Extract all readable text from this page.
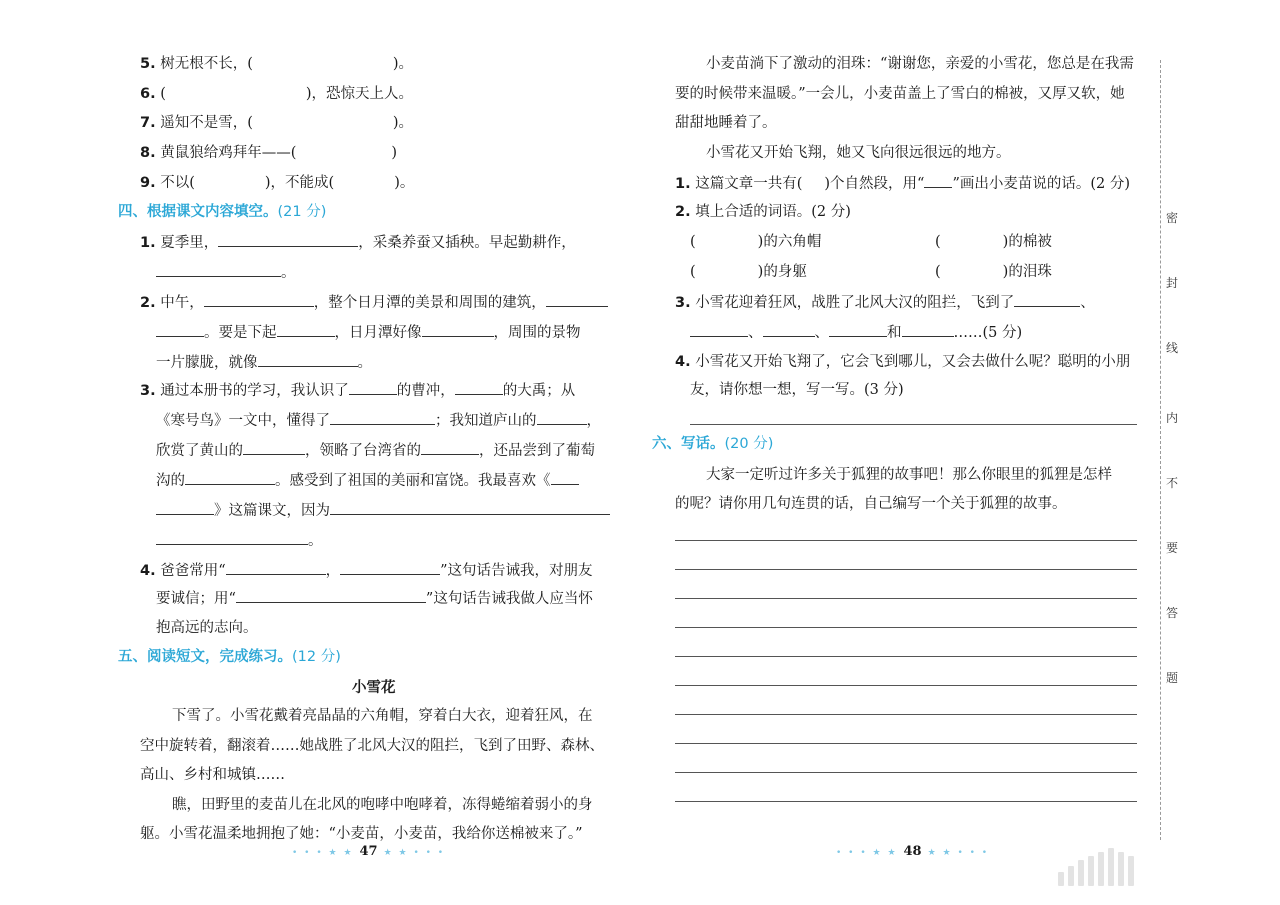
5. 树无根不长，(	)。
6. (	)，恐惊天上人。
7. 遥知不是雪，(	)。
8. 黄鼠狼给鸡拜年——(	)
9. 不以(	)，不能成(	)。
四、根据课文内容填空。(21 分)
1. 夏季里，	，采桑养蚕又插秧。早起勤耕作，
。
2. 中午，	，整个日月潭的美景和周围的建筑，
。要是下起	，日月潭好像	，周围的景物
一片朦胧，就像	。
3. 通过本册书的学习，我认识了	的曹冲，	的大禹；从
《寒号鸟》一文中，懂得了	；我知道庐山的	，
欣赏了黄山的	，领略了台湾省的	，还品尝到了葡萄
沟的	。感受到了祖国的美丽和富饶。我最喜欢《
》这篇课文，因为
。
4. 爸爸常用“	，	”这句话告诫我，对朋友
要诚信；用“	”这句话告诫我做人应当怀
抱高远的志向。
五、阅读短文，完成练习。(12 分)
小雪花
下雪了。小雪花戴着亮晶晶的六角帽，穿着白大衣，迎着狂风，在
空中旋转着，翻滚着……她战胜了北风大汉的阻拦，飞到了田野、森林、
高山、乡村和城镇……
瞧，田野里的麦苗儿在北风的咆哮中咆哮着，冻得蜷缩着弱小的身
躯。小雪花温柔地拥抱了她：“小麦苗，小麦苗，我给你送棉被来了。”
• • • ★ ★ 47 ★ ★ • • •
小麦苗淌下了激动的泪珠：“谢谢您，亲爱的小雪花，您总是在我需
要的时候带来温暖。”一会儿，小麦苗盖上了雪白的棉被，又厚又软，她
甜甜地睡着了。
小雪花又开始飞翔，她又飞向很远很远的地方。
1. 这篇文章一共有( )个自然段，用“ ”画出小麦苗说的话。(2 分)
2. 填上合适的词语。(2 分)
(	)的六角帽	(	)的棉被
(	)的身躯	(	)的泪珠
3. 小雪花迎着狂风，战胜了北风大汉的阻拦，飞到了	、
、	、	和	……(5 分)
4. 小雪花又开始飞翔了，它会飞到哪儿，又会去做什么呢？聪明的小朋
友，请你想一想，写一写。(3 分)
六、写话。(20 分)
大家一定听过许多关于狐狸的故事吧！那么你眼里的狐狸是怎样
的呢？请你用几句连贯的话，自己编写一个关于狐狸的故事。
• • • ★ ★ 48 ★ ★ • • •
密
封
线
内
不
要
答
题
